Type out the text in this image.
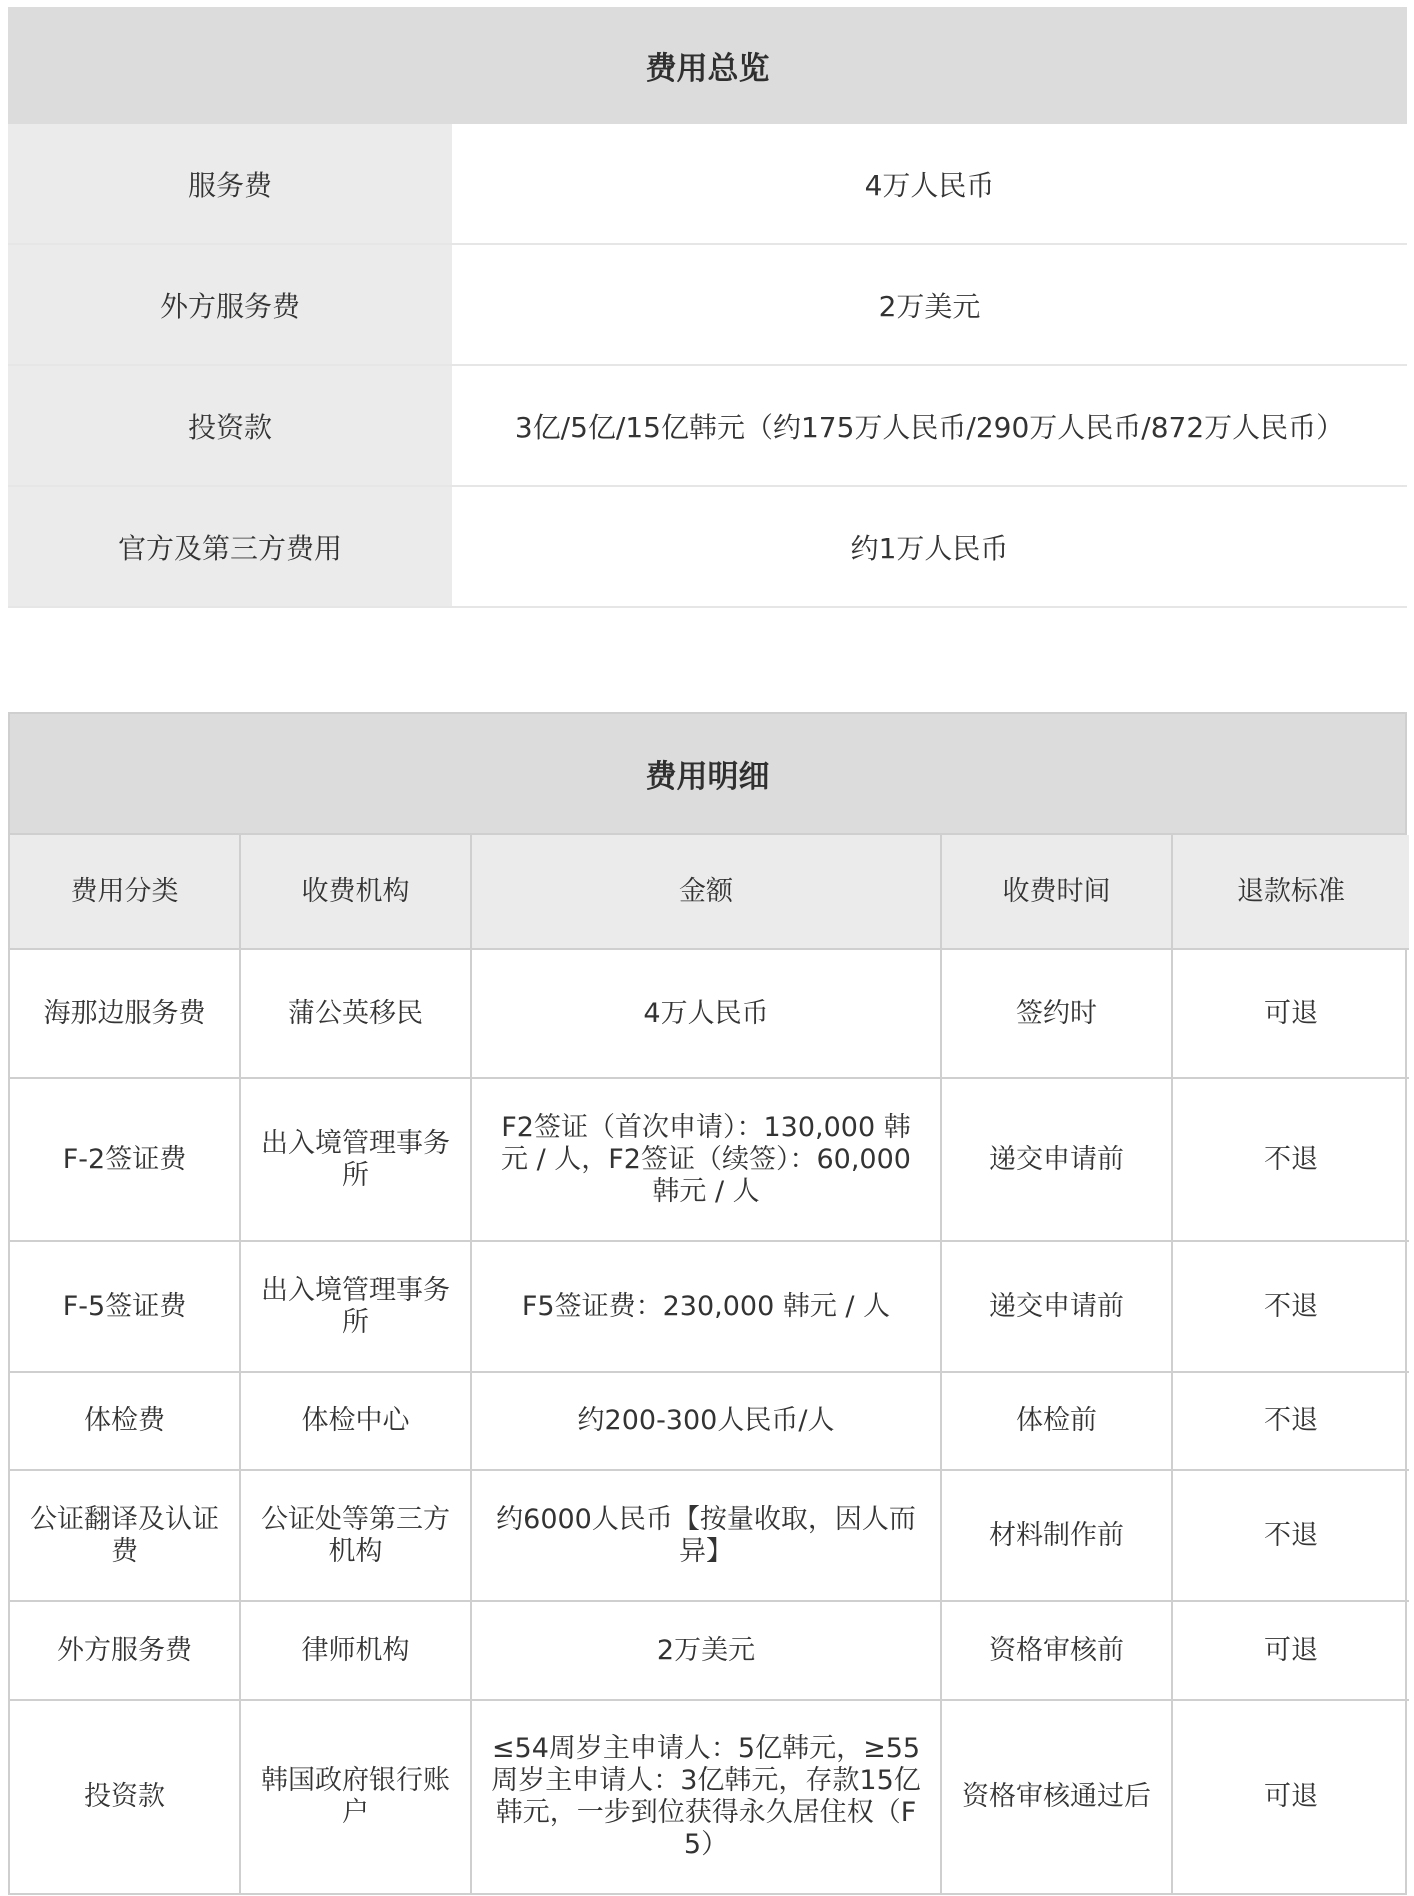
费用总览
服务费	4万人民币
外方服务费	2万美元
投资款	3亿/5亿/15亿韩元（约175万人民币/290万人民币/872万人民币）
官方及第三方费用	约1万人民币
费用明细
费用分类	收费机构	金额	收费时间	退款标准
海那边服务费	蒲公英移民	4万人民币	签约时	可退
F-2签证费	出入境管理事务所	F2签证（首次申请）：130,000 韩元 / 人，F2签证（续签）：60,000 韩元 / 人	递交申请前	不退
F-5签证费	出入境管理事务所	F5签证费：230,000 韩元 / 人	递交申请前	不退
体检费	体检中心	约200-300人民币/人	体检前	不退
公证翻译及认证费	公证处等第三方机构	约6000人民币【按量收取，因人而异】	材料制作前	不退
外方服务费	律师机构	2万美元	资格审核前	可退
投资款	韩国政府银行账户	≤54周岁主申请人：5亿韩元，≥55周岁主申请人：3亿韩元，存款15亿韩元，一步到位获得永久居住权（F5）	资格审核通过后	可退
